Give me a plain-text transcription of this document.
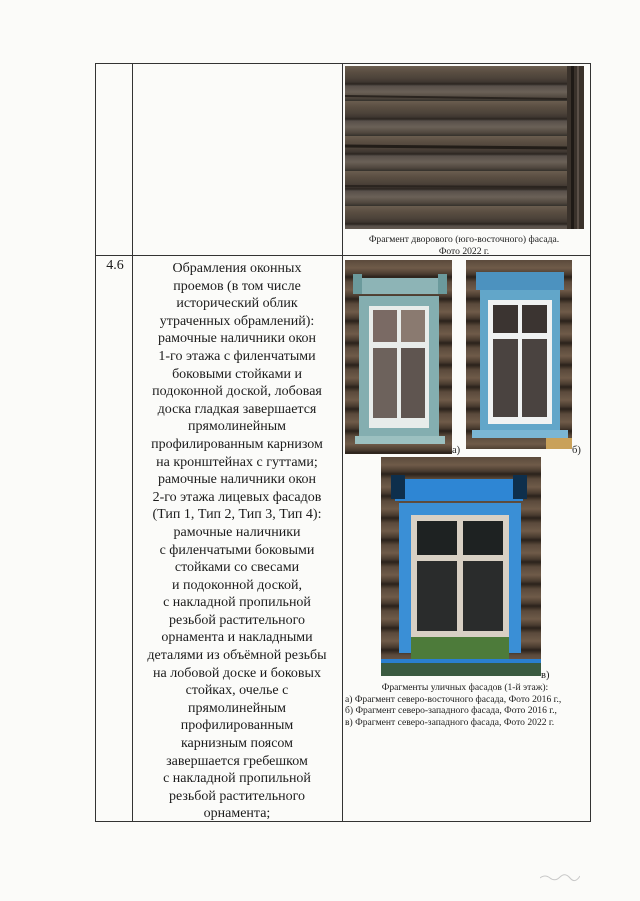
Фрагмент дворового (юго-восточного) фасада.
Фото 2022 г.
4.6	Обрамления оконных
проемов (в том числе
исторический облик
утраченных обрамлений):
рамочные наличники окон
1-го этажа с филенчатыми
боковыми стойками и
подоконной доской, лобовая
доска гладкая завершается
прямолинейным
профилированным карнизом
на кронштейнах с гуттами;
рамочные наличники окон
2-го этажа лицевых фасадов
(Тип 1, Тип 2, Тип 3, Тип 4):
рамочные наличники
с филенчатыми боковыми
стойками со свесами
и подоконной доской,
с накладной пропильной
резьбой растительного
орнамента и накладными
деталями из объёмной резьбы
на лобовой доске и боковых
стойках, очелье с
прямолинейным
профилированным
карнизным поясом
завершается гребешком
с накладной пропильной
резьбой растительного
орнамента;
а)	б)
в)
Фрагменты уличных фасадов (1-й этаж):
а) Фрагмент северо-восточного фасада, Фото 2016 г.,
б) Фрагмент северо-западного фасада, Фото 2016 г.,
в) Фрагмент северо-западного фасада, Фото 2022 г.
